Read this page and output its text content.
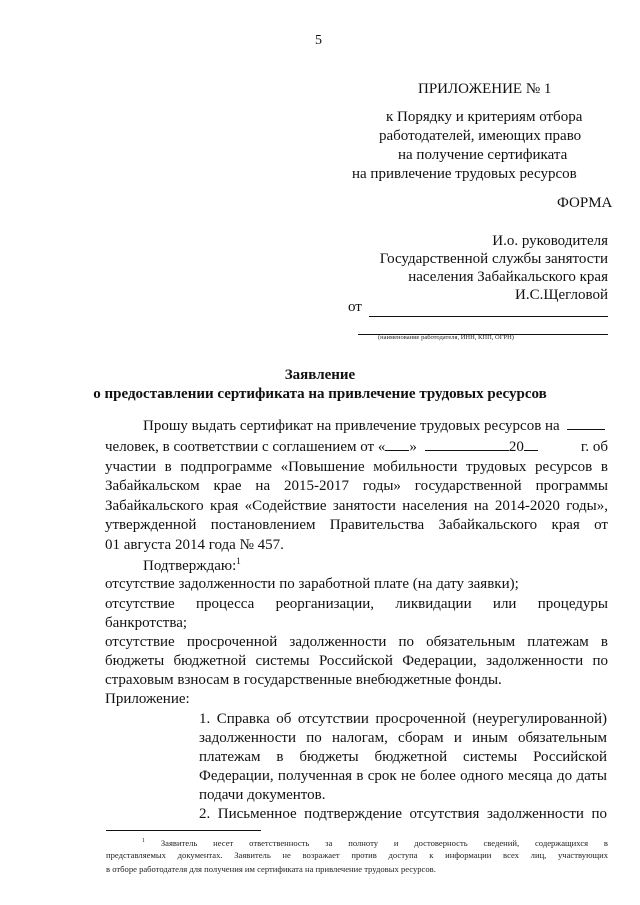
5
ПРИЛОЖЕНИЕ № 1
к Порядку и критериям отбора
работодателей, имеющих право
на получение сертификата
на привлечение трудовых ресурсов
ФОРМА
И.о. руководителя
Государственной службы занятости
населения Забайкальского края
И.С.Щегловой
от
(наименование работодателя, ИНН, КПП, ОГРН)
Заявление
о предоставлении сертификата на привлечение трудовых ресурсов
Прошу выдать сертификат на привлечение трудовых ресурсов на
человек, в соответствии с соглашением от « »	20	г. об
участии в подпрограмме «Повышение мобильности трудовых ресурсов в
Забайкальском крае на 2015-2017 годы» государственной программы
Забайкальского края «Содействие занятости населения на 2014-2020 годы»,
утвержденной постановлением Правительства Забайкальского края от
01 августа 2014 года № 457.
Подтверждаю:$^1$
отсутствие задолженности по заработной плате (на дату заявки);
отсутствие процесса реорганизации, ликвидации или процедуры
банкротства;
отсутствие просроченной задолженности по обязательным платежам в
бюджеты бюджетной системы Российской Федерации, задолженности по
страховым взносам в государственные внебюджетные фонды.
Приложение:
1. Справка об отсутствии просроченной (неурегулированной)
задолженности по налогам, сборам и иным обязательным
платежам в бюджеты бюджетной системы Российской
Федерации, полученная в срок не более одного месяца до даты
подачи документов.
2. Письменное подтверждение отсутствия задолженности по
$^1$ Заявитель несет ответственность за полноту и достоверность сведений, содержащихся в
представляемых документах. Заявитель не возражает против доступа к информации всех лиц, участвующих
в отборе работодателя для получения им сертификата на привлечение трудовых ресурсов.
